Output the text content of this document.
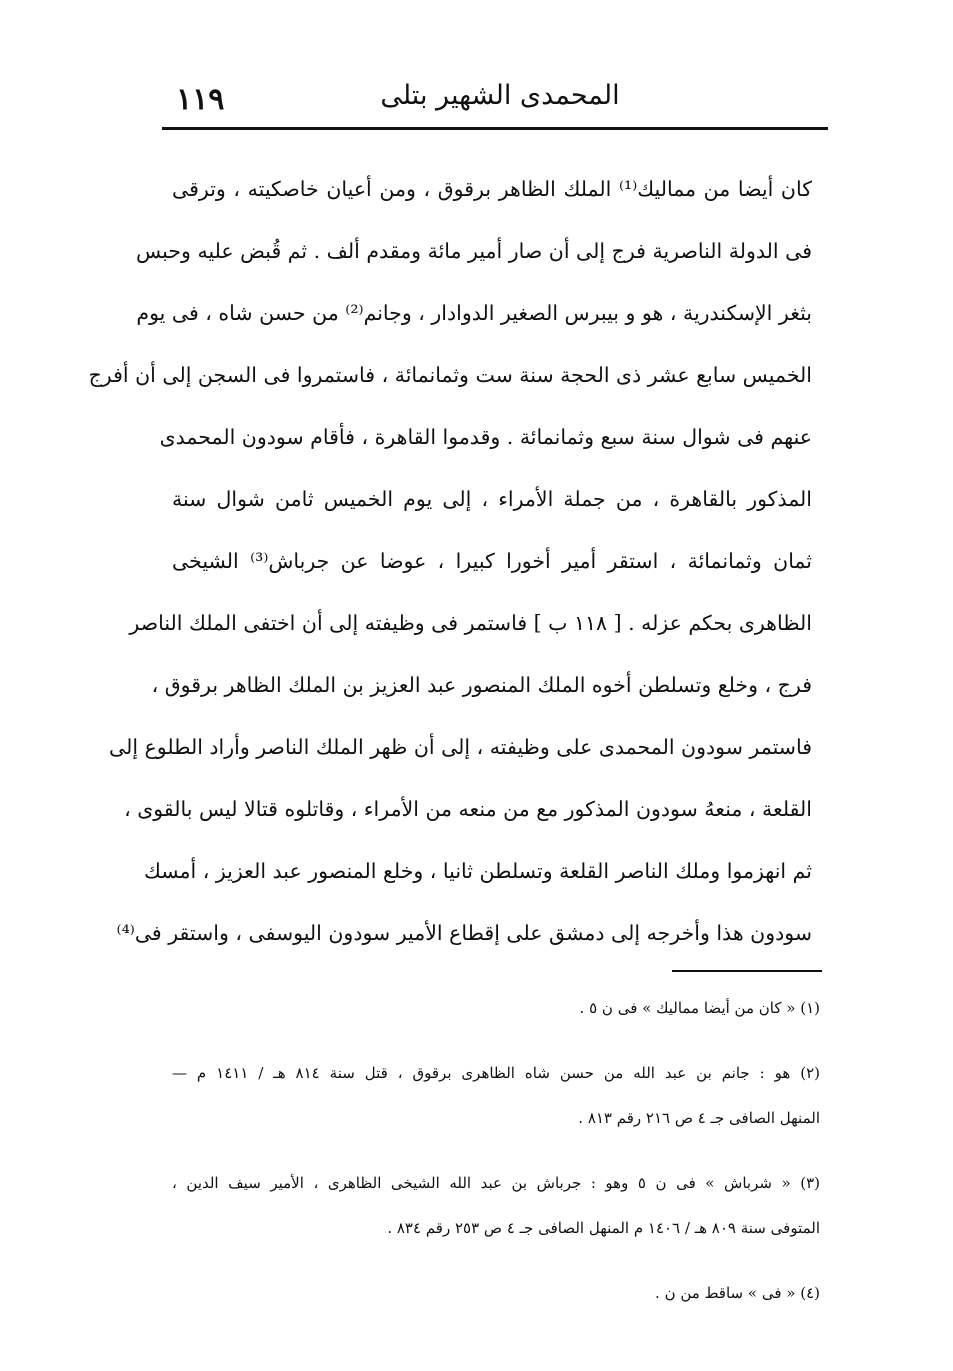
١١٩	المحمدى الشهير بتلى
كان أيضا من مماليك⁽¹⁾ الملك الظاهر برقوق ، ومن أعيان خاصكيته ، وترقى
فى الدولة الناصرية فرج إلى أن صار أمير مائة ومقدم ألف . ثم قُبض عليه وحبس
بثغر الإسكندرية ، هو و بيبرس الصغير الدوادار ، وجانم⁽²⁾ من حسن شاه ، فى يوم
الخميس سابع عشر ذى الحجة سنة ست وثمانمائة ، فاستمروا فى السجن إلى أن أفرج
عنهم فى شوال سنة سبع وثمانمائة . وقدموا القاهرة ، فأقام سودون المحمدى
المذكور بالقاهرة ، من جملة الأمراء ، إلى يوم الخميس ثامن شوال سنة
ثمان وثمانمائة ، استقر أمير أخورا كبيرا ، عوضا عن جرباش⁽³⁾ الشيخى
الظاهرى بحكم عزله . [ ١١٨ ب ] فاستمر فى وظيفته إلى أن اختفى الملك الناصر
فرج ، وخلع وتسلطن أخوه الملك المنصور عبد العزيز بن الملك الظاهر برقوق ،
فاستمر سودون المحمدى على وظيفته ، إلى أن ظهر الملك الناصر وأراد الطلوع إلى
القلعة ، منعهُ سودون المذكور مع من منعه من الأمراء ، وقاتلوه قتالا ليس بالقوى ،
ثم انهزموا وملك الناصر القلعة وتسلطن ثانيا ، وخلع المنصور عبد العزيز ، أمسك
سودون هذا وأخرجه إلى دمشق على إقطاع الأمير سودون اليوسفى ، واستقر فى⁽⁴⁾
(١) « كان من أيضا مماليك » فى ن ٥ .
(٢) هو : جانم بن عبد الله من حسن شاه الظاهرى برقوق ، قتل سنة ٨١٤ هـ / ١٤١١ م —
المنهل الصافى جـ ٤ ص ٢١٦ رقم ٨١٣ .
(٣) « شرباش » فى ن ٥ وهو : جرباش بن عبد الله الشيخى الظاهرى ، الأمير سيف الدين ،
المتوفى سنة ٨٠٩ هـ / ١٤٠٦ م المنهل الصافى جـ ٤ ص ٢٥٣ رقم ٨٣٤ .
(٤) « فى » ساقط من ن .
